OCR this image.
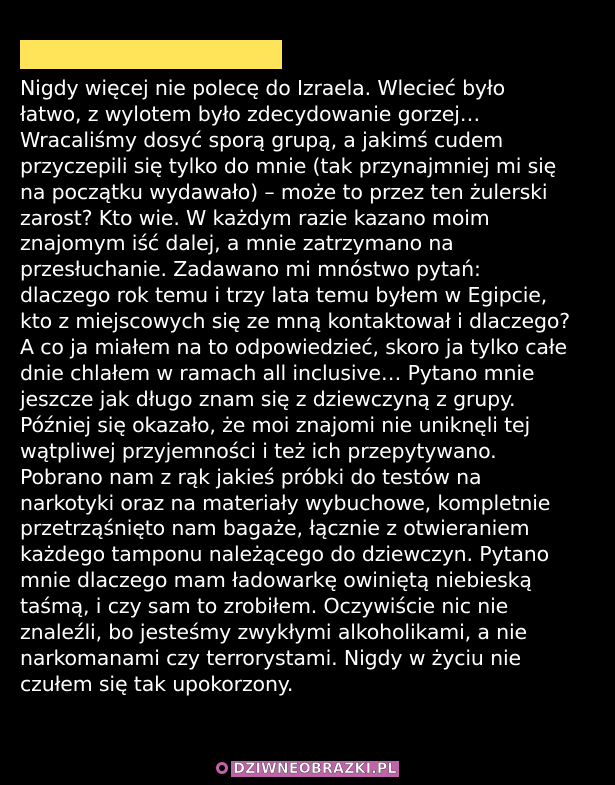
Nigdy więcej nie polecę do Izraela. Wlecieć było
łatwo, z wylotem było zdecydowanie gorzej…
Wracaliśmy dosyć sporą grupą, a jakimś cudem
przyczepili się tylko do mnie (tak przynajmniej mi się
na początku wydawało) – może to przez ten żulerski
zarost? Kto wie. W każdym razie kazano moim
znajomym iść dalej, a mnie zatrzymano na
przesłuchanie. Zadawano mi mnóstwo pytań:
dlaczego rok temu i trzy lata temu byłem w Egipcie,
kto z miejscowych się ze mną kontaktował i dlaczego?
A co ja miałem na to odpowiedzieć, skoro ja tylko całe
dnie chlałem w ramach all inclusive… Pytano mnie
jeszcze jak długo znam się z dziewczyną z grupy.
Później się okazało, że moi znajomi nie uniknęli tej
wątpliwej przyjemności i też ich przepytywano.
Pobrano nam z rąk jakieś próbki do testów na
narkotyki oraz na materiały wybuchowe, kompletnie
przetrząśnięto nam bagaże, łącznie z otwieraniem
każdego tamponu należącego do dziewczyn. Pytano
mnie dlaczego mam ładowarkę owiniętą niebieską
taśmą, i czy sam to zrobiłem. Oczywiście nic nie
znaleźli, bo jesteśmy zwykłymi alkoholikami, a nie
narkomanami czy terrorystami. Nigdy w życiu nie
czułem się tak upokorzony.
DZIWNEOBRAZKI.PL
